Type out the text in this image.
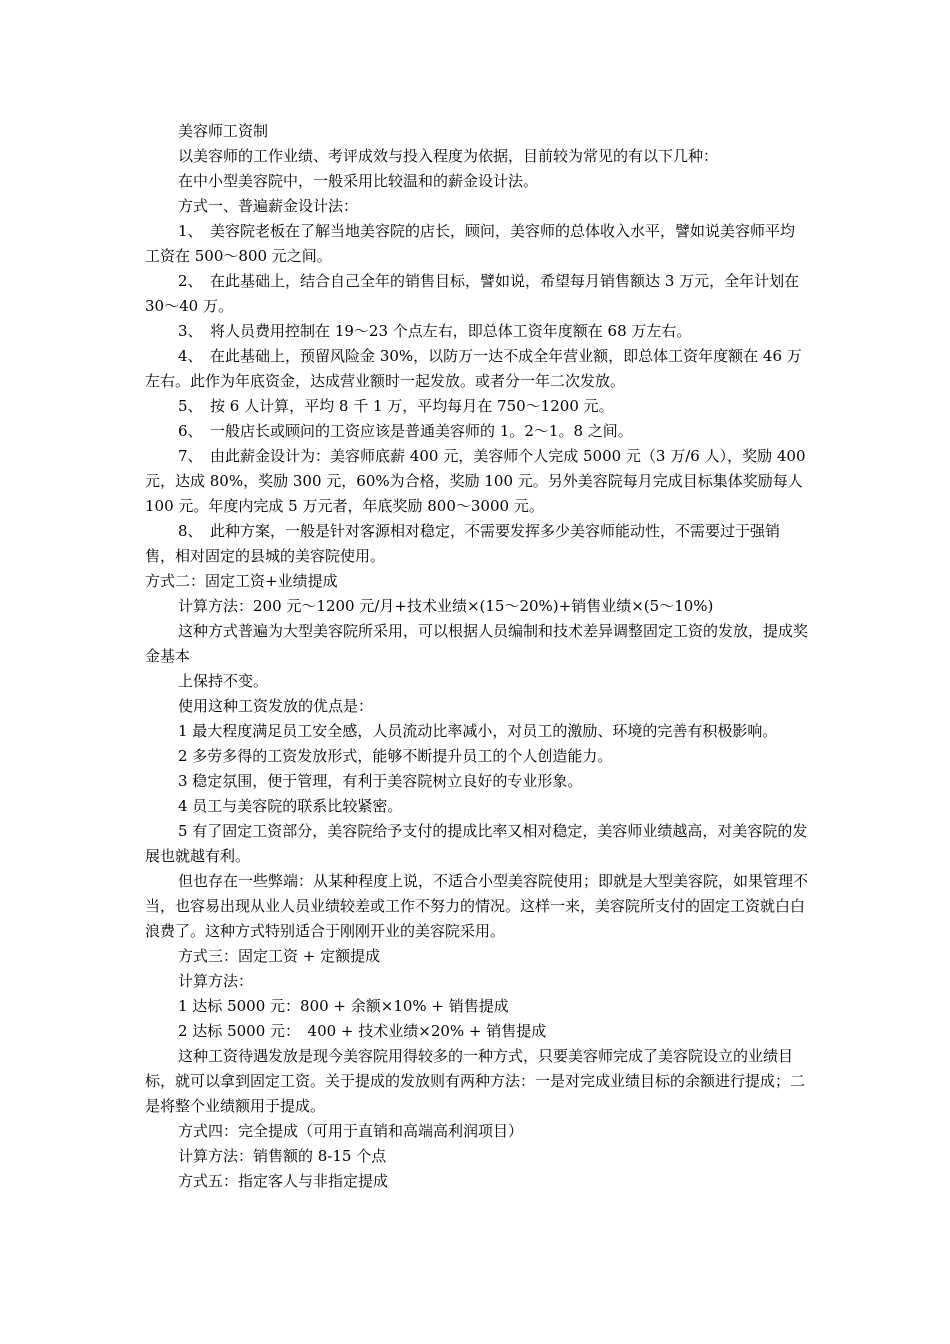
美容师工资制

以美容师的工作业绩、考评成效与投入程度为依据，目前较为常见的有以下几种：

在中小型美容院中，一般采用比较温和的薪金设计法。

方式一、普遍薪金设计法：

1、　美容院老板在了解当地美容院的店长，顾问，美容师的总体收入水平，譬如说美容师平均工资在 500～800 元之间。

2、　在此基础上，结合自己全年的销售目标，譬如说，希望每月销售额达 3 万元，全年计划在 30～40 万。

3、　将人员费用控制在 19～23 个点左右，即总体工资年度额在 68 万左右。

4、　在此基础上，预留风险金 30%，以防万一达不成全年营业额，即总体工资年度额在 46 万左右。此作为年底资金，达成营业额时一起发放。或者分一年二次发放。

5、　按 6 人计算，平均 8 千 1 万，平均每月在 750～1200 元。

6、　一般店长或顾问的工资应该是普通美容师的 1。2～1。8 之间。

7、　由此薪金设计为：美容师底薪 400 元，美容师个人完成 5000 元（3 万/6 人），奖励 400 元，达成 80%，奖励 300 元，60%为合格，奖励 100 元。另外美容院每月完成目标集体奖励每人 100 元。年度内完成 5 万元者，年底奖励 800～3000 元。

8、　此种方案，一般是针对客源相对稳定，不需要发挥多少美容师能动性，不需要过于强销售，相对固定的县城的美容院使用。

方式二：固定工资+业绩提成

计算方法：200 元～1200 元/月+技术业绩×(15～20%)+销售业绩×(5～10%)

这种方式普遍为大型美容院所采用，可以根据人员编制和技术差异调整固定工资的发放，提成奖金基本

上保持不变。

使用这种工资发放的优点是：

1 最大程度满足员工安全感，人员流动比率减小，对员工的激励、环境的完善有积极影响。

2 多劳多得的工资发放形式，能够不断提升员工的个人创造能力。

3 稳定氛围，便于管理，有利于美容院树立良好的专业形象。

4 员工与美容院的联系比较紧密。

5 有了固定工资部分，美容院给予支付的提成比率又相对稳定，美容师业绩越高，对美容院的发展也就越有利。

但也存在一些弊端：从某种程度上说，不适合小型美容院使用；即就是大型美容院，如果管理不当，也容易出现从业人员业绩较差或工作不努力的情况。这样一来，美容院所支付的固定工资就白白浪费了。这种方式特别适合于刚刚开业的美容院采用。

方式三：固定工资 + 定额提成

计算方法：

1 达标 5000 元：800 + 余额×10% + 销售提成

2 达标 5000 元：　400 + 技术业绩×20% + 销售提成

这种工资待遇发放是现今美容院用得较多的一种方式，只要美容师完成了美容院设立的业绩目标，就可以拿到固定工资。关于提成的发放则有两种方法：一是对完成业绩目标的余额进行提成；二是将整个业绩额用于提成。

方式四：完全提成（可用于直销和高端高利润项目）

计算方法：销售额的 8-15 个点

方式五：指定客人与非指定提成
